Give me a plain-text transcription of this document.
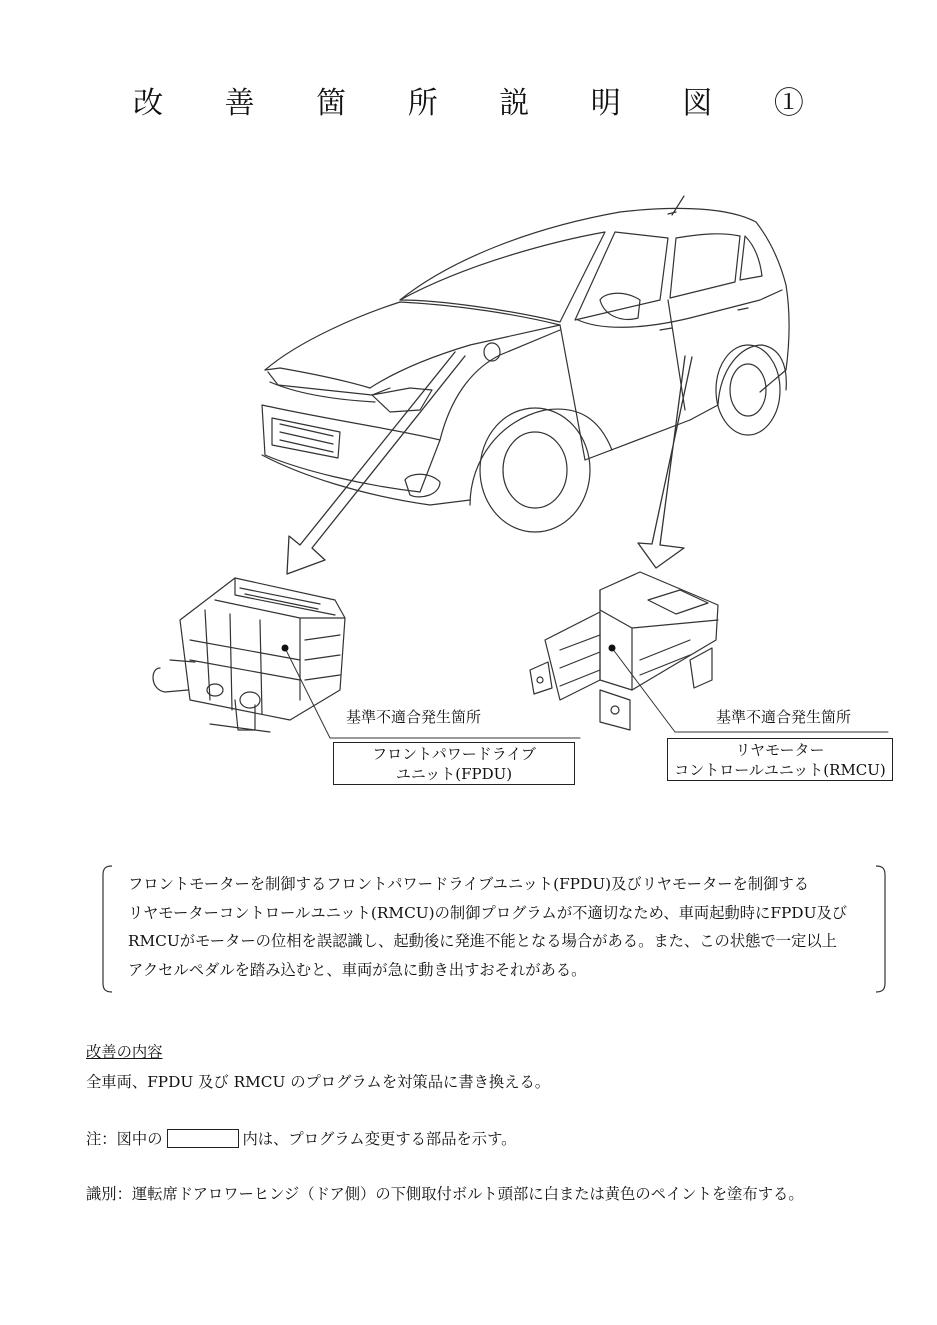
改 善 箇 所 説 明 図 ①
基準不適合発生箇所
フロントパワードライブ
ユニット(FPDU)
基準不適合発生箇所
リヤモーター
コントロールユニット(RMCU)
フロントモーターを制御するフロントパワードライブユニット(FPDU)及びリヤモーターを制御する
リヤモーターコントロールユニット(RMCU)の制御プログラムが不適切なため、車両起動時にFPDU及び
RMCUがモーターの位相を誤認識し、起動後に発進不能となる場合がある。また、この状態で一定以上
アクセルペダルを踏み込むと、車両が急に動き出すおそれがある。
改善の内容
全車両、FPDU 及び RMCU のプログラムを対策品に書き換える。
注：図中の	内は、プログラム変更する部品を示す。
識別：運転席ドアロワーヒンジ（ドア側）の下側取付ボルト頭部に白または黄色のペイントを塗布する。
